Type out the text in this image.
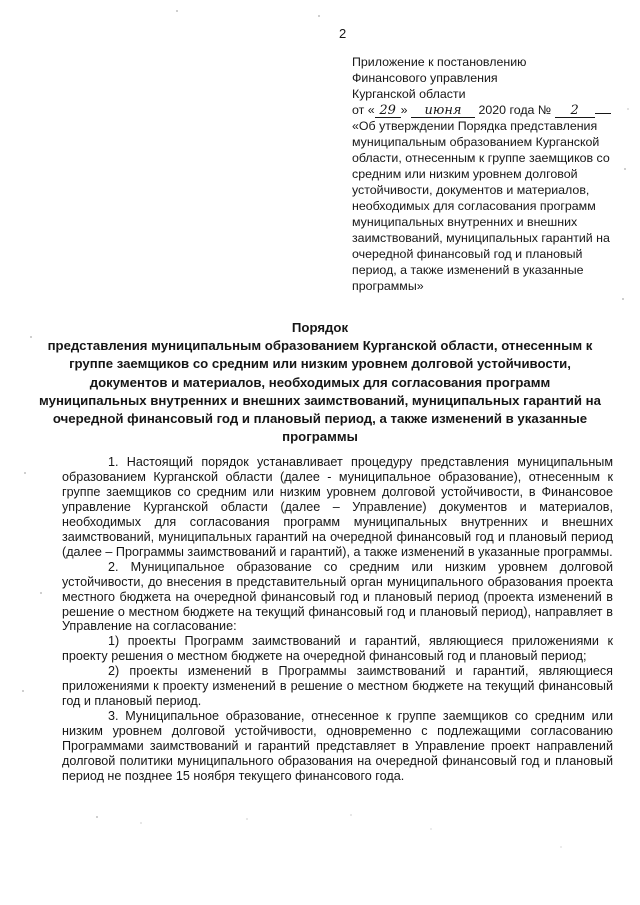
2
Приложение к постановлению
Финансового управления
Курганской области
от « 29 » июня 2020 года № 2
«Об утверждении Порядка представления муниципальным образованием Курганской области, отнесенным к группе заемщиков со средним или низким уровнем долговой устойчивости, документов и материалов, необходимых для согласования программ муниципальных внутренних и внешних заимствований, муниципальных гарантий на очередной финансовый год и плановый период, а также изменений в указанные программы»
Порядок
представления муниципальным образованием Курганской области, отнесенным к группе заемщиков со средним или низким уровнем долговой устойчивости, документов и материалов, необходимых для согласования программ муниципальных внутренних и внешних заимствований, муниципальных гарантий на очередной финансовый год и плановый период, а также изменений в указанные программы

1. Настоящий порядок устанавливает процедуру представления муниципальным образованием Курганской области (далее - муниципальное образование), отнесенным к группе заемщиков со средним или низким уровнем долговой устойчивости, в Финансовое управление Курганской области (далее – Управление) документов и материалов, необходимых для согласования программ муниципальных внутренних и внешних заимствований, муниципальных гарантий на очередной финансовый год и плановый период (далее – Программы заимствований и гарантий), а также изменений в указанные программы.

2. Муниципальное образование со средним или низким уровнем долговой устойчивости, до внесения в представительный орган муниципального образования проекта местного бюджета на очередной финансовый год и плановый период (проекта изменений в решение о местном бюджете на текущий финансовый год и плановый период), направляет в Управление на согласование:

1) проекты Программ заимствований и гарантий, являющиеся приложениями к проекту решения о местном бюджете на очередной финансовый год и плановый период;

2) проекты изменений в Программы заимствований и гарантий, являющиеся приложениями к проекту изменений в решение о местном бюджете на текущий финансовый год и плановый период.

3. Муниципальное образование, отнесенное к группе заемщиков со средним или низким уровнем долговой устойчивости, одновременно с подлежащими согласованию Программами заимствований и гарантий представляет в Управление проект направлений долговой политики муниципального образования на очередной финансовый год и плановый период не позднее 15 ноября текущего финансового года.
